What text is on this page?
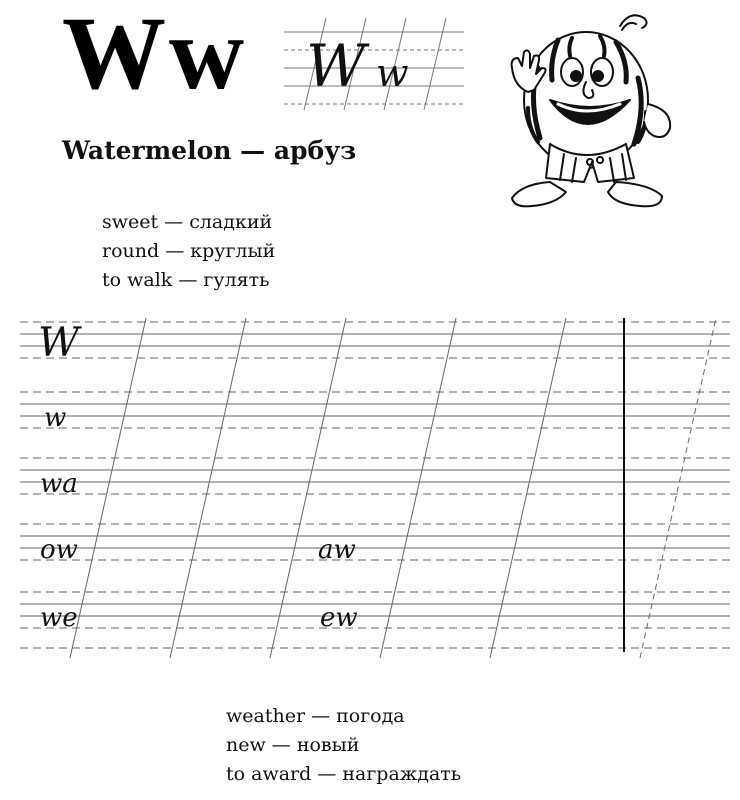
Ww W w
Watermelon — арбуз
sweet — сладкий
round — круглый
to walk — гулять
W
w
wa
ow	aw
we	ew
weather — погода
new — новый
to award — награждать
